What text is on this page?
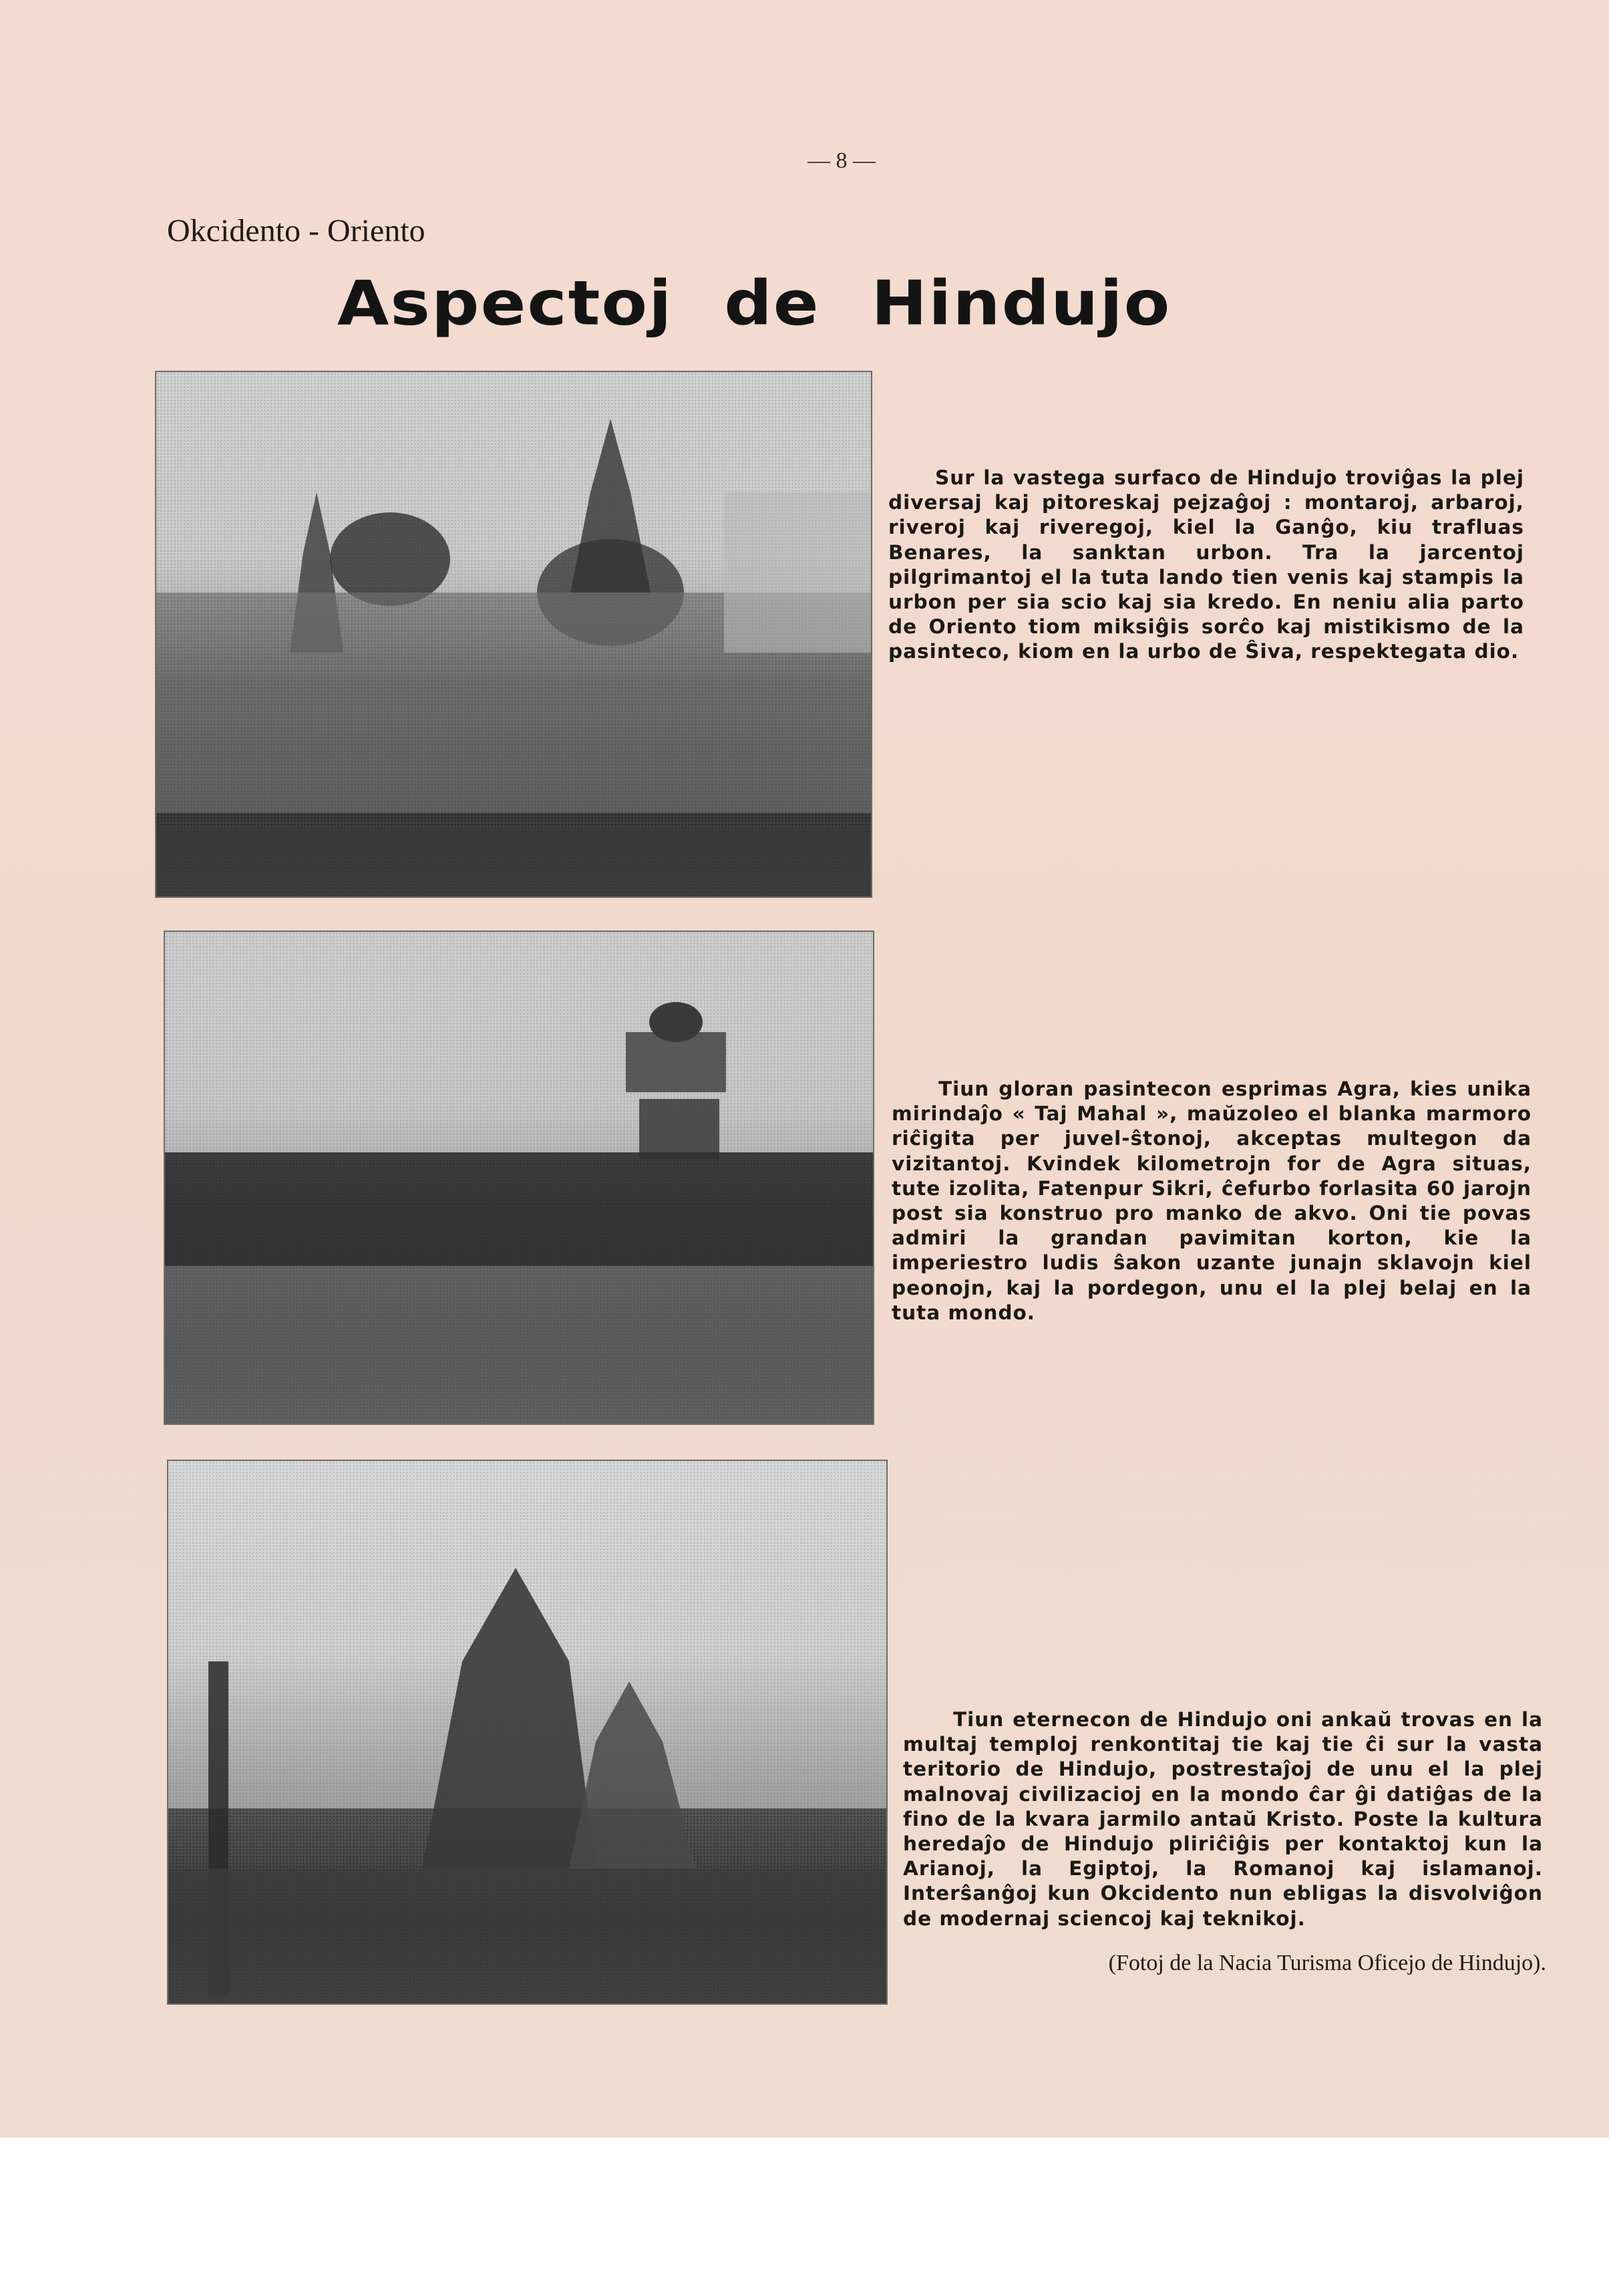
— 8 —
Okcidento - Oriento
Aspectoj de Hindujo
Sur la vastega surfaco de Hindujo troviĝas la plej diversaj kaj pitoreskaj pejzaĝoj : montaroj, arbaroj, riveroj kaj riveregoj, kiel la Ganĝo, kiu trafluas Benares, la sanktan urbon. Tra la jarcentoj pilgrimantoj el la tuta lando tien venis kaj stampis la urbon per sia scio kaj sia kredo. En neniu alia parto de Oriento tiom miksiĝis sorĉo kaj mistikismo de la pasinteco, kiom en la urbo de Ŝiva, respektegata dio.
Tiun gloran pasintecon esprimas Agra, kies unika mirindaĵo « Taj Mahal », maŭzoleo el blanka marmoro riĉigita per juvel-ŝtonoj, akceptas multegon da vizitantoj. Kvindek kilometrojn for de Agra situas, tute izolita, Fatenpur Sikri, ĉefurbo forlasita 60 jarojn post sia konstruo pro manko de akvo. Oni tie povas admiri la grandan pavimitan korton, kie la imperiestro ludis ŝakon uzante junajn sklavojn kiel peonojn, kaj la pordegon, unu el la plej belaj en la tuta mondo.
Tiun eternecon de Hindujo oni ankaŭ trovas en la multaj temploj renkontitaj tie kaj tie ĉi sur la vasta teritorio de Hindujo, postrestaĵoj de unu el la plej malnovaj civilizacioj en la mondo ĉar ĝi datiĝas de la fino de la kvara jarmilo antaŭ Kristo. Poste la kultura heredaĵo de Hindujo pliriĉiĝis per kontaktoj kun la Arianoj, la Egiptoj, la Romanoj kaj islamanoj. Interŝanĝoj kun Okcidento nun ebligas la disvolviĝon de modernaj sciencoj kaj teknikoj.
(Fotoj de la Nacia Turisma Oficejo de Hindujo).
